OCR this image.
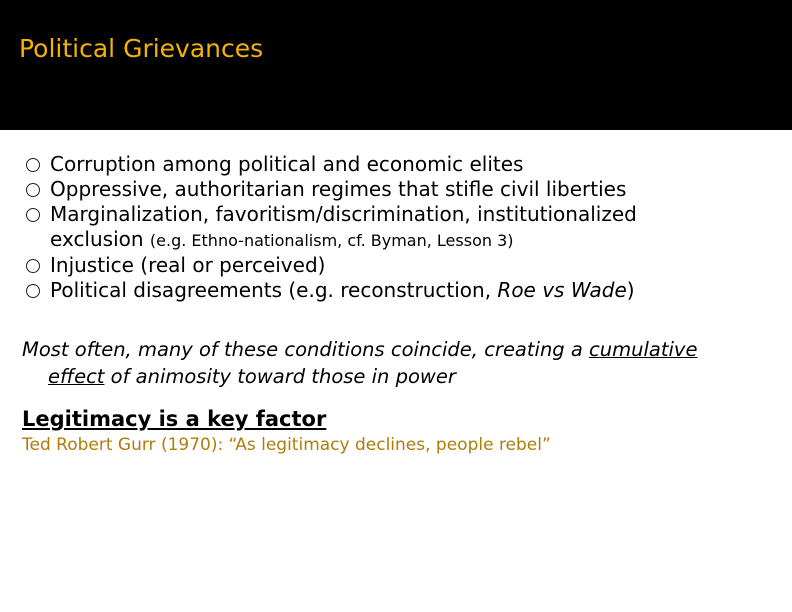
Political Grievances
Corruption among political and economic elites
Oppressive, authoritarian regimes that stifle civil liberties
Marginalization, favoritism/discrimination, institutionalized
exclusion (e.g. Ethno-nationalism, cf. Byman, Lesson 3)
Injustice (real or perceived)
Political disagreements (e.g. reconstruction, Roe vs Wade)
Most often, many of these conditions coincide, creating a cumulative
effect of animosity toward those in power
Legitimacy is a key factor
Ted Robert Gurr (1970): “As legitimacy declines, people rebel”
